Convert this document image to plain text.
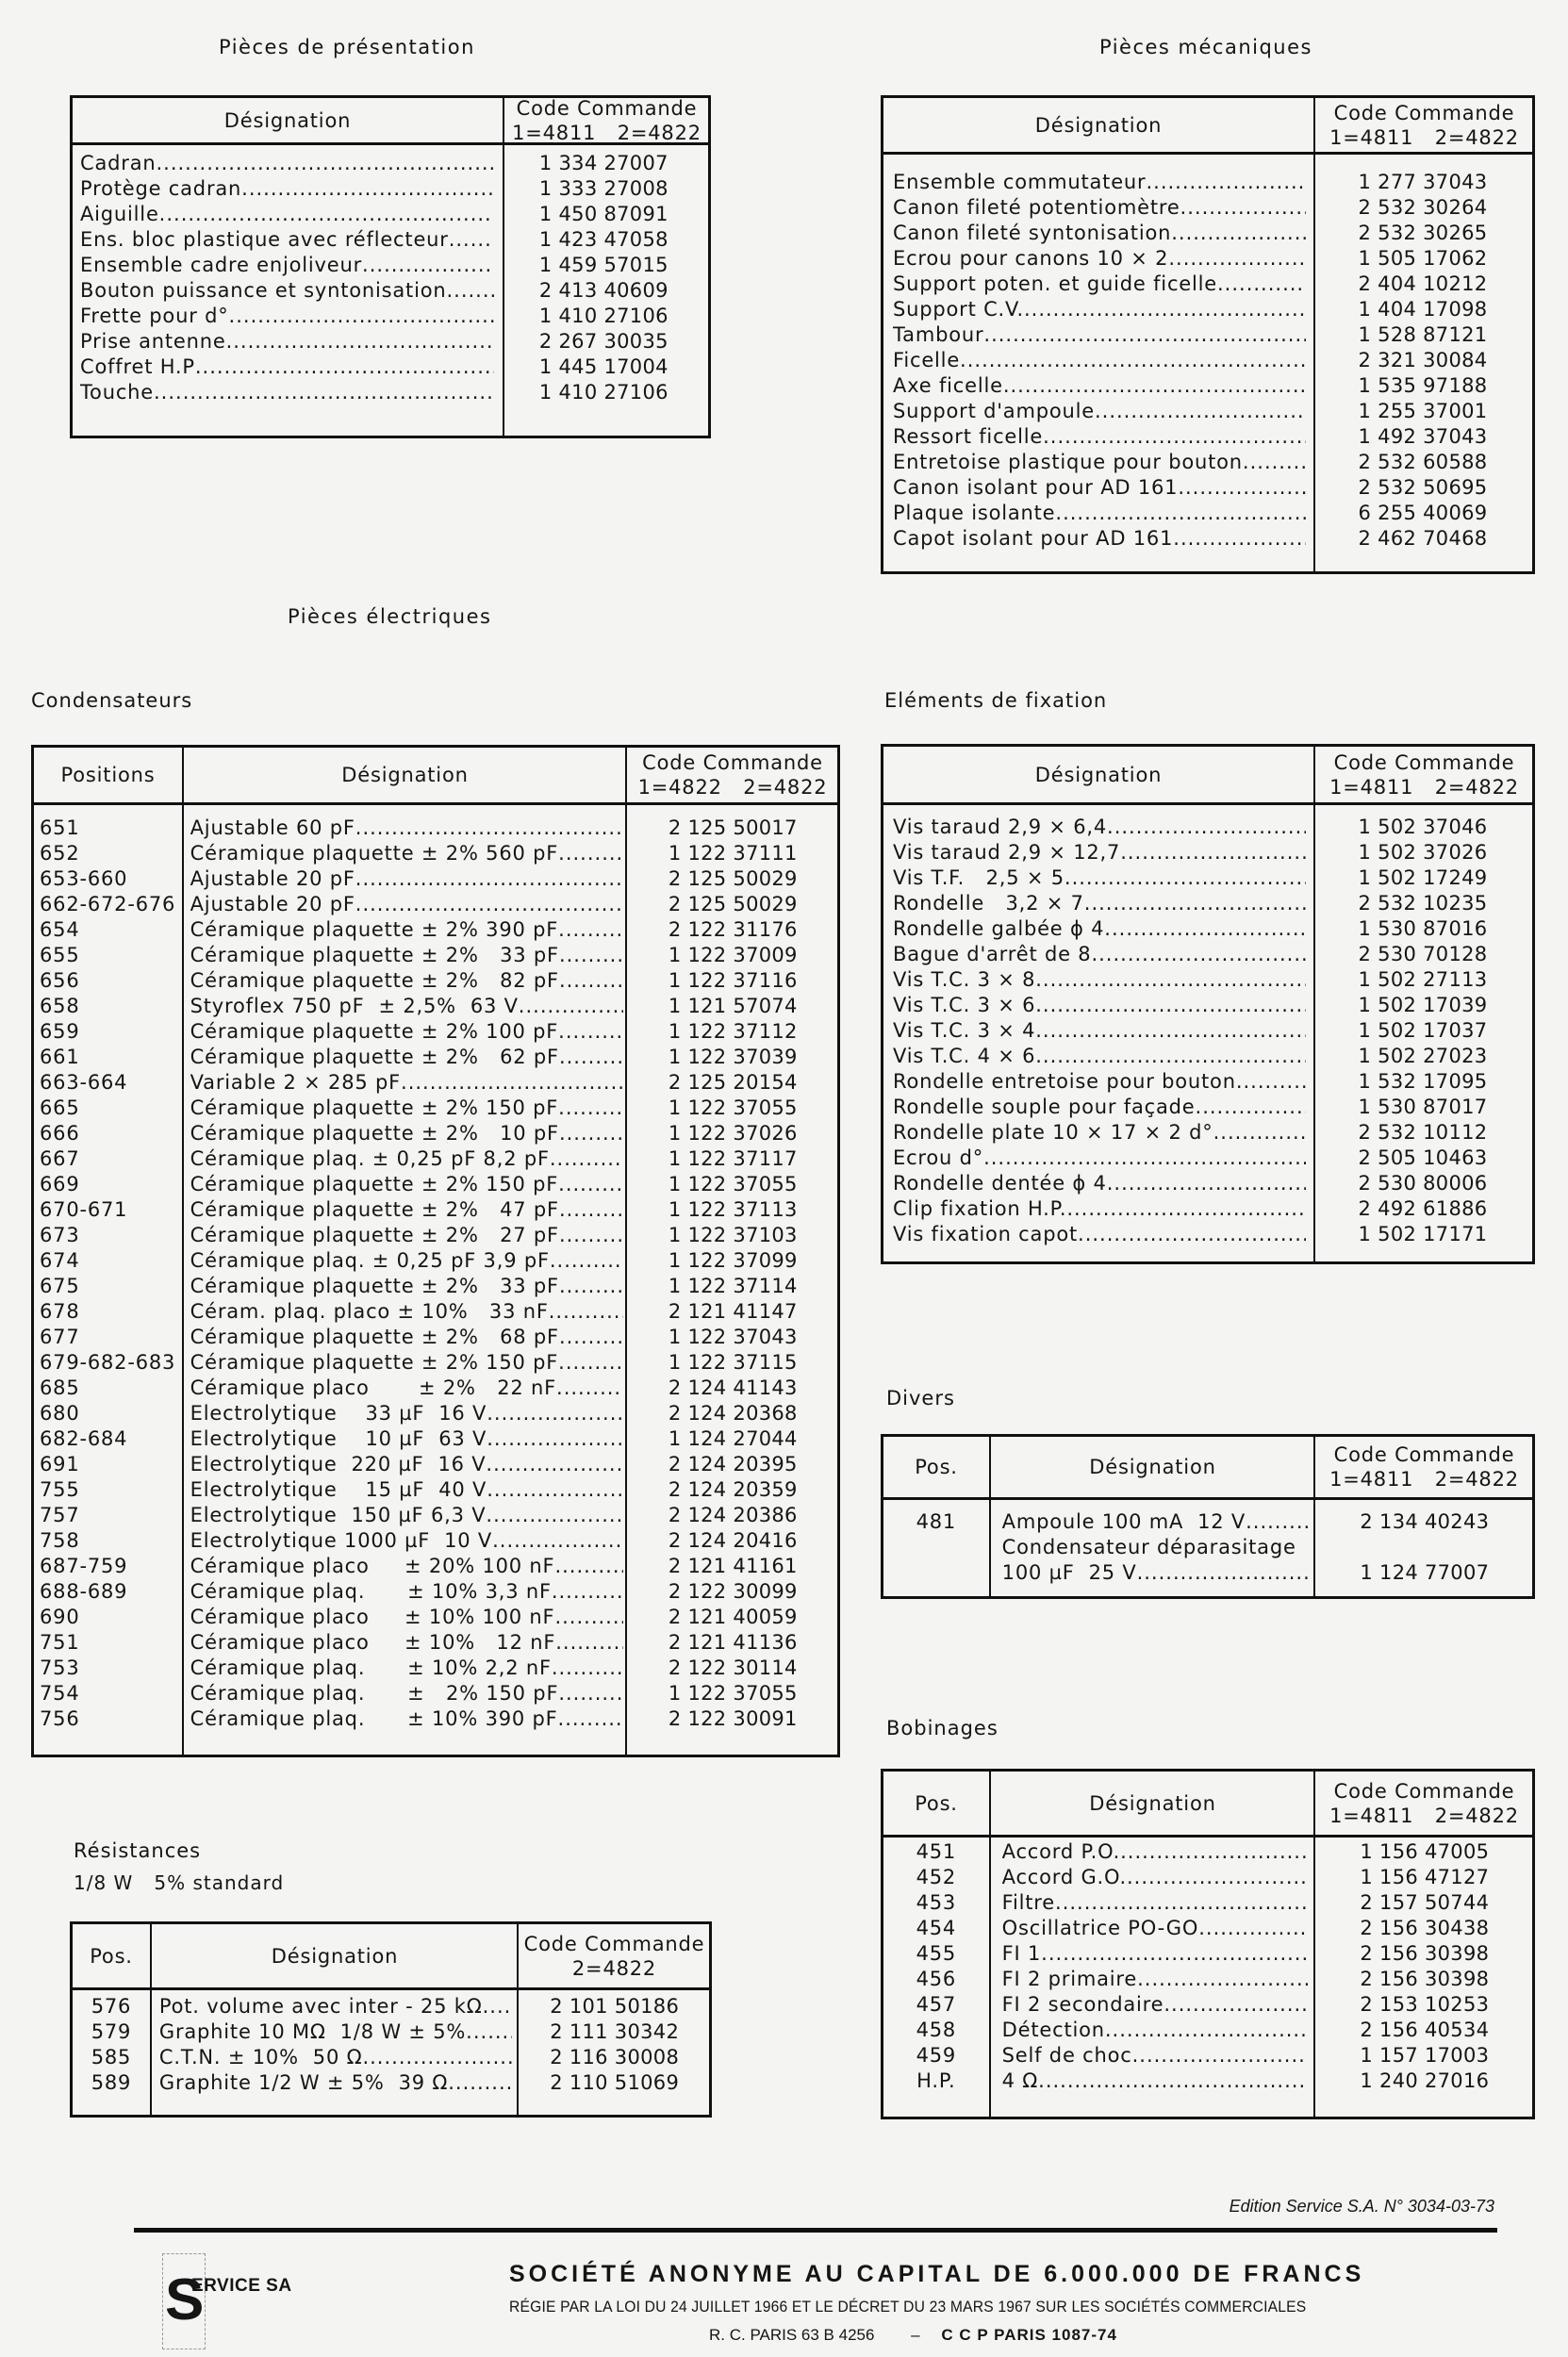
Pièces de présentation
Désignation
Code Commande
1=4811   2=4822
Cadran .....	1 334 27007
Protège cadran .....	1 333 27008
Aiguille .....	1 450 87091
Ens. bloc plastique avec réflecteur .....	1 423 47058
Ensemble cadre enjoliveur .....	1 459 57015
Bouton puissance et syntonisation .....	2 413 40609
Frette pour d° .....	1 410 27106
Prise antenne .....	2 267 30035
Coffret H.P .....	1 445 17004
Touche .....	1 410 27106
Pièces mécaniques
Désignation
Code Commande
1=4811   2=4822
Ensemble commutateur .....	1 277 37043
Canon fileté potentiomètre .....	2 532 30264
Canon fileté syntonisation .....	2 532 30265
Ecrou pour canons 10 × 2 .....	1 505 17062
Support poten. et guide ficelle .....	2 404 10212
Support C.V. .....	1 404 17098
Tambour .....	1 528 87121
Ficelle .....	2 321 30084
Axe ficelle .....	1 535 97188
Support d'ampoule .....	1 255 37001
Ressort ficelle .....	1 492 37043
Entretoise plastique pour bouton .....	2 532 60588
Canon isolant pour AD 161 .....	2 532 50695
Plaque isolante .....	6 255 40069
Capot isolant pour AD 161 .....	2 462 70468
Pièces électriques
Condensateurs
Positions	Désignation
Code Commande
1=4822   2=4822
651	Ajustable 60 pF .....	2 125 50017
652	Céramique plaquette ± 2% 560 pF .....	1 122 37111
653-660	Ajustable 20 pF .....	2 125 50029
662-672-676 Ajustable 20 pF .....	2 125 50029
654	Céramique plaquette ± 2% 390 pF .....	2 122 31176
655	Céramique plaquette ± 2%   33 pF .....	1 122 37009
656	Céramique plaquette ± 2%   82 pF .....	1 122 37116
658	Styroflex 750 pF  ± 2,5%  63 V .....	1 121 57074
659	Céramique plaquette ± 2% 100 pF .....	1 122 37112
661	Céramique plaquette ± 2%   62 pF .....	1 122 37039
663-664	Variable 2 × 285 pF .....	2 125 20154
665	Céramique plaquette ± 2% 150 pF .....	1 122 37055
666	Céramique plaquette ± 2%   10 pF .....	1 122 37026
667	Céramique plaq. ± 0,25 pF 8,2 pF .....	1 122 37117
669	Céramique plaquette ± 2% 150 pF .....	1 122 37055
670-671	Céramique plaquette ± 2%   47 pF .....	1 122 37113
673	Céramique plaquette ± 2%   27 pF .....	1 122 37103
674	Céramique plaq. ± 0,25 pF 3,9 pF .....	1 122 37099
675	Céramique plaquette ± 2%   33 pF .....	1 122 37114
678	Céram. plaq. placo ± 10%   33 nF .....	2 121 41147
677	Céramique plaquette ± 2%   68 pF .....	1 122 37043
679-682-683 Céramique plaquette ± 2% 150 pF .....	1 122 37115
685	Céramique placo       ± 2%   22 nF .....	2 124 41143
680	Electrolytique    33 µF  16 V .....	2 124 20368
682-684	Electrolytique    10 µF  63 V .....	1 124 27044
691	Electrolytique  220 µF  16 V .....	2 124 20395
755	Electrolytique    15 µF  40 V .....	2 124 20359
757	Electrolytique  150 µF 6,3 V .....	2 124 20386
758	Electrolytique 1000 µF  10 V .....	2 124 20416
687-759	Céramique placo     ± 20% 100 nF .....	2 121 41161
688-689	Céramique plaq.      ± 10% 3,3 nF .....	2 122 30099
690	Céramique placo     ± 10% 100 nF .....	2 121 40059
751	Céramique placo     ± 10%   12 nF .....	2 121 41136
753	Céramique plaq.      ± 10% 2,2 nF .....	2 122 30114
754	Céramique plaq.      ±   2% 150 pF .....	1 122 37055
756	Céramique plaq.      ± 10% 390 pF .....	2 122 30091
Eléments de fixation
Désignation
Code Commande
1=4811   2=4822
Vis taraud 2,9 × 6,4 .....	1 502 37046
Vis taraud 2,9 × 12,7 .....	1 502 37026
Vis T.F.   2,5 × 5 .....	1 502 17249
Rondelle   3,2 × 7 .....	2 532 10235
Rondelle galbée ϕ 4 .....	1 530 87016
Bague d'arrêt de 8 .....	2 530 70128
Vis T.C. 3 × 8 .....	1 502 27113
Vis T.C. 3 × 6 .....	1 502 17039
Vis T.C. 3 × 4 .....	1 502 17037
Vis T.C. 4 × 6 .....	1 502 27023
Rondelle entretoise pour bouton .....	1 532 17095
Rondelle souple pour façade .....	1 530 87017
Rondelle plate 10 × 17 × 2 d° .....	2 532 10112
Ecrou d° .....	2 505 10463
Rondelle dentée ϕ 4 .....	2 530 80006
Clip fixation H.P. .....	2 492 61886
Vis fixation capot .....	1 502 17171
Divers
Pos.	Désignation
Code Commande
1=4811   2=4822
481	Ampoule 100 mA  12 V .....	2 134 40243
Condensateur déparasitage
100 µF  25 V .....	1 124 77007
Bobinages
Pos.	Désignation
Code Commande
1=4811   2=4822
451	Accord P.O. .....	1 156 47005
452	Accord G.O. .....	1 156 47127
453	Filtre .....	2 157 50744
454	Oscillatrice PO-GO .....	2 156 30438
455	FI 1 .....	2 156 30398
456	FI 2 primaire .....	2 156 30398
457	FI 2 secondaire .....	2 153 10253
458	Détection .....	2 156 40534
459	Self de choc .....	1 157 17003
H.P.	4 Ω .....	1 240 27016
Résistances
1/8 W   5% standard
Pos.	Désignation
Code Commande
2=4822
576	Pot. volume avec inter - 25 kΩ .....	2 101 50186
579	Graphite 10 MΩ  1/8 W ± 5% .....	2 111 30342
585	C.T.N. ± 10%  50 Ω .....	2 116 30008
589	Graphite 1/2 W ± 5%  39 Ω .....	2 110 51069
Edition Service S.A. N° 3034-03-73
S
ERVICE SA	SOCIÉTÉ ANONYME AU CAPITAL DE 6.000.000 DE FRANCS
RÉGIE PAR LA LOI DU 24 JUILLET 1966 ET LE DÉCRET DU 23 MARS 1967 SUR LES SOCIÉTÉS COMMERCIALES
R. C. PARIS 63 B 4256 – C C P PARIS 1087-74
